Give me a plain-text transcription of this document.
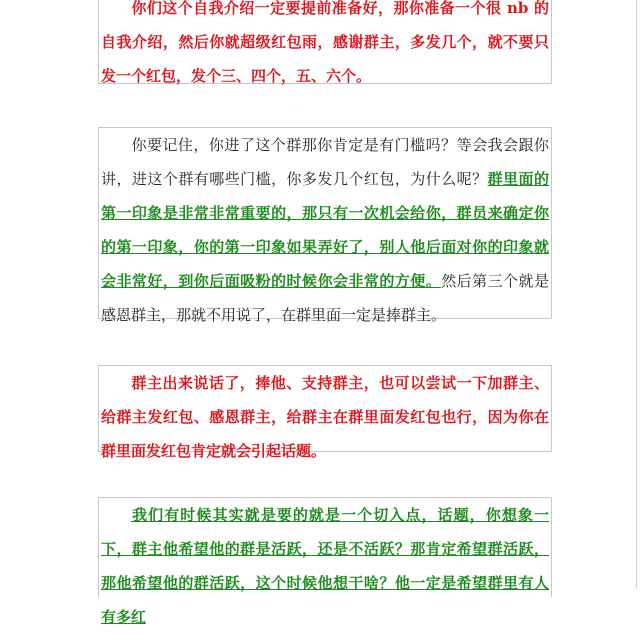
你们这个自我介绍一定要提前准备好，那你准备一个很 nb 的自我介绍，然后你就超级红包雨，感谢群主，多发几个，就不要只发一个红包，发个三、四个，五、六个。

你要记住，你进了这个群那你肯定是有门槛吗？等会我会跟你讲，进这个群有哪些门槛，你多发几个红包，为什么呢？群里面的第一印象是非常非常重要的，那只有一次机会给你，群员来确定你的第一印象，你的第一印象如果弄好了，别人他后面对你的印象就会非常好，到你后面吸粉的时候你会非常的方便。然后第三个就是感恩群主，那就不用说了，在群里面一定是捧群主。

群主出来说话了，捧他、支持群主，也可以尝试一下加群主、给群主发红包、感恩群主，给群主在群里面发红包也行，因为你在群里面发红包肯定就会引起话题。

我们有时候其实就是要的就是一个切入点，话题，你想象一下，群主他希望他的群是活跃，还是不活跃？那肯定希望群活跃，那他希望他的群活跃，这个时候他想干啥？他一定是希望群里有人有多红
